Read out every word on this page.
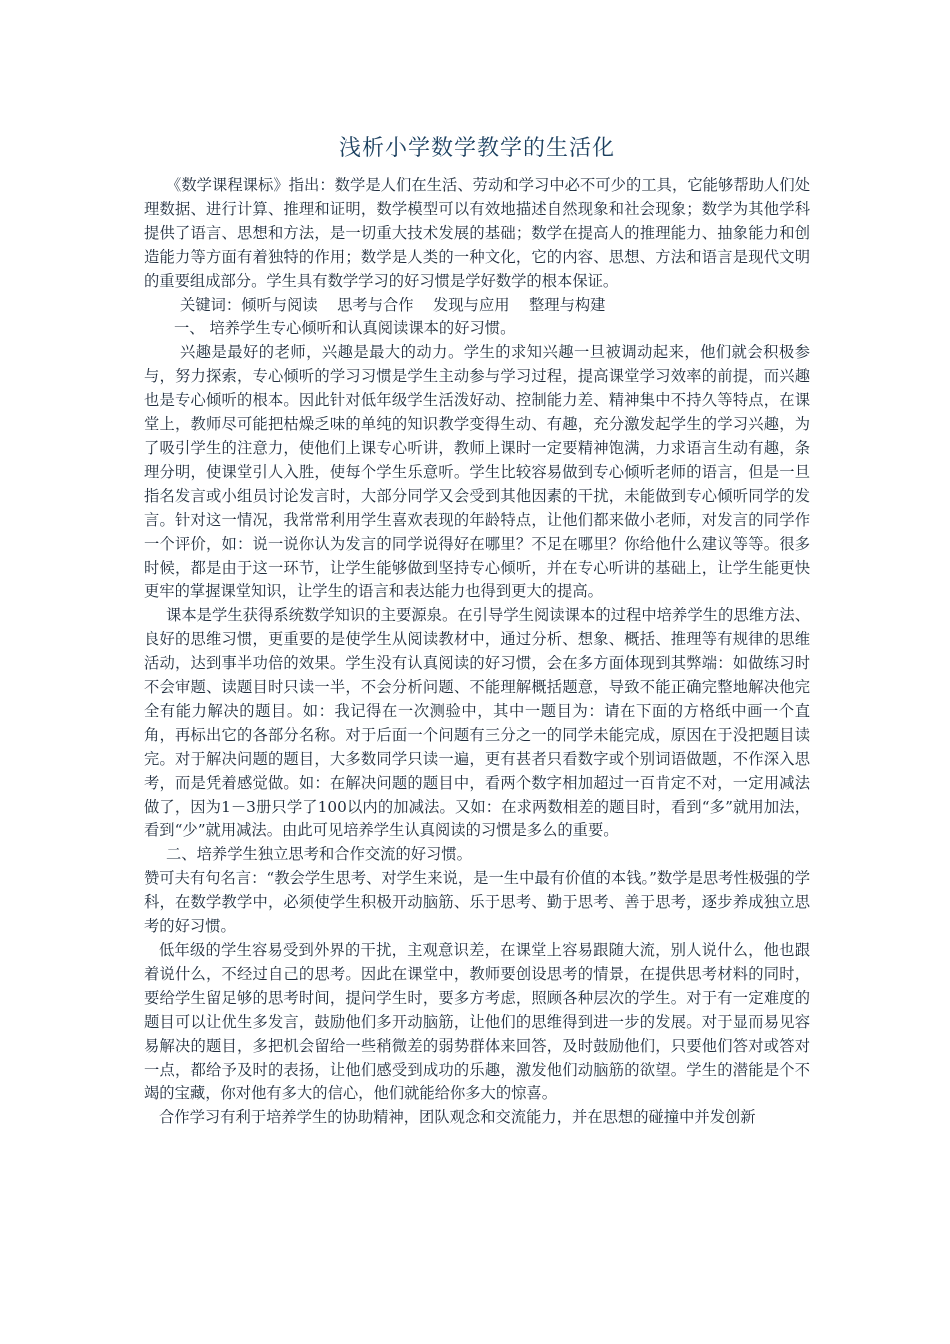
浅析小学数学教学的生活化

《数学课程课标》指出：数学是人们在生活、劳动和学习中必不可少的工具，它能够帮助人们处理数据、进行计算、推理和证明，数学模型可以有效地描述自然现象和社会现象；数学为其他学科提供了语言、思想和方法，是一切重大技术发展的基础；数学在提高人的推理能力、抽象能力和创造能力等方面有着独特的作用；数学是人类的一种文化，它的内容、思想、方法和语言是现代文明的重要组成部分。学生具有数学学习的好习惯是学好数学的根本保证。

关键词：倾听与阅读    思考与合作    发现与应用    整理与构建

一、 培养学生专心倾听和认真阅读课本的好习惯。

兴趣是最好的老师，兴趣是最大的动力。学生的求知兴趣一旦被调动起来，他们就会积极参与，努力探索，专心倾听的学习习惯是学生主动参与学习过程，提高课堂学习效率的前提，而兴趣也是专心倾听的根本。因此针对低年级学生活泼好动、控制能力差、精神集中不持久等特点，在课堂上，教师尽可能把枯燥乏味的单纯的知识教学变得生动、有趣，充分激发起学生的学习兴趣，为了吸引学生的注意力，使他们上课专心听讲，教师上课时一定要精神饱满，力求语言生动有趣，条理分明，使课堂引人入胜，使每个学生乐意听。学生比较容易做到专心倾听老师的语言，但是一旦指名发言或小组员讨论发言时，大部分同学又会受到其他因素的干扰，未能做到专心倾听同学的发言。针对这一情况，我常常利用学生喜欢表现的年龄特点，让他们都来做小老师，对发言的同学作一个评价，如：说一说你认为发言的同学说得好在哪里？不足在哪里？你给他什么建议等等。很多时候，都是由于这一环节，让学生能够做到坚持专心倾听，并在专心听讲的基础上，让学生能更快更牢的掌握课堂知识，让学生的语言和表达能力也得到更大的提高。

课本是学生获得系统数学知识的主要源泉。在引导学生阅读课本的过程中培养学生的思维方法、良好的思维习惯，更重要的是使学生从阅读教材中，通过分析、想象、概括、推理等有规律的思维活动，达到事半功倍的效果。学生没有认真阅读的好习惯，会在多方面体现到其弊端：如做练习时不会审题、读题目时只读一半，不会分析问题、不能理解概括题意，导致不能正确完整地解决他完全有能力解决的题目。如：我记得在一次测验中，其中一题目为：请在下面的方格纸中画一个直角，再标出它的各部分名称。对于后面一个问题有三分之一的同学未能完成，原因在于没把题目读完。对于解决问题的题目，大多数同学只读一遍，更有甚者只看数字或个别词语做题，不作深入思考，而是凭着感觉做。如：在解决问题的题目中，看两个数字相加超过一百肯定不对，一定用减法做了，因为1－3册只学了100以内的加减法。又如：在求两数相差的题目时，看到“多”就用加法，看到“少”就用减法。由此可见培养学生认真阅读的习惯是多么的重要。

二、培养学生独立思考和合作交流的好习惯。

赞可夫有句名言：“教会学生思考、对学生来说，是一生中最有价值的本钱。”数学是思考性极强的学科，在数学教学中，必须使学生积极开动脑筋、乐于思考、勤于思考、善于思考，逐步养成独立思考的好习惯。

低年级的学生容易受到外界的干扰，主观意识差，在课堂上容易跟随大流，别人说什么，他也跟着说什么，不经过自己的思考。因此在课堂中，教师要创设思考的情景，在提供思考材料的同时，要给学生留足够的思考时间，提问学生时，要多方考虑，照顾各种层次的学生。对于有一定难度的题目可以让优生多发言，鼓励他们多开动脑筋，让他们的思维得到进一步的发展。对于显而易见容易解决的题目，多把机会留给一些稍微差的弱势群体来回答，及时鼓励他们，只要他们答对或答对一点，都给予及时的表扬，让他们感受到成功的乐趣，激发他们动脑筋的欲望。学生的潜能是个不竭的宝藏，你对他有多大的信心，他们就能给你多大的惊喜。

合作学习有利于培养学生的协助精神，团队观念和交流能力，并在思想的碰撞中并发创新
